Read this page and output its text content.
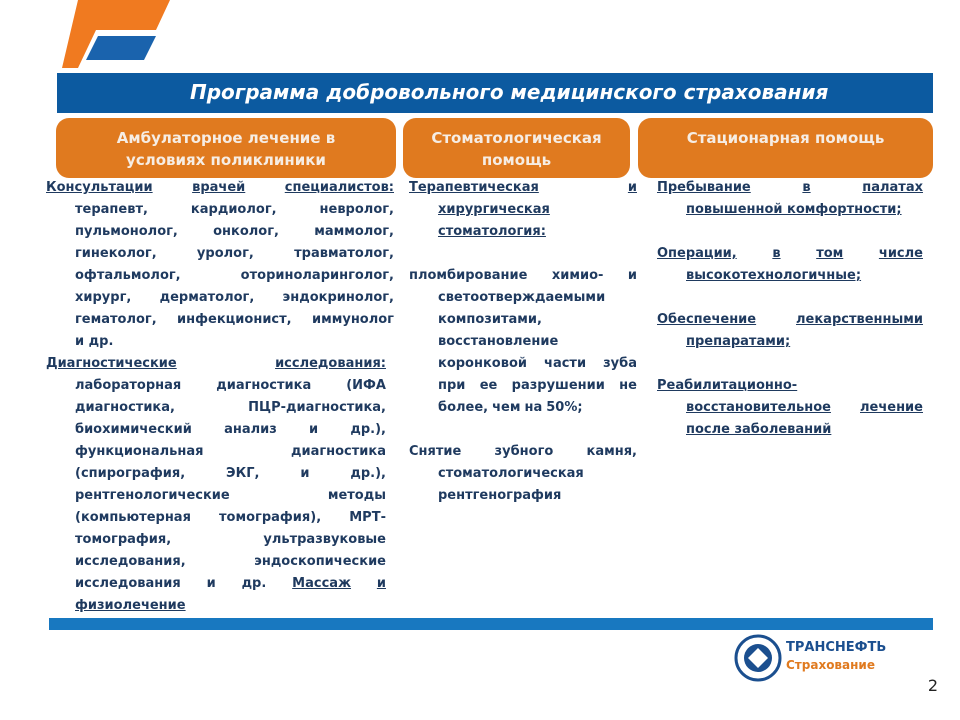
Программа добровольного медицинского страхования
Амбулаторное лечение в
условиях поликлиники
Стоматологическая
помощь
Стационарная помощь
Консультации	врачей	специалистов:
терапевт,	кардиолог,	невролог,
пульмонолог,	онколог,	маммолог,
гинеколог,	уролог,	травматолог,
офтальмолог,	оториноларинголог,
хирург, дерматолог, эндокринолог,
гематолог, инфекционист, иммунолог
и др.
Диагностические	исследования:
лабораторная	диагностика	(ИФА
диагностика,	ПЦР-диагностика,
биохимический анализ и др.),
функциональная	диагностика
(спирография,	ЭКГ,	и	др.),
рентгенологические	методы
(компьютерная томография), МРТ-
томография,	ультразвуковые
исследования,	эндоскопические
исследования и др. Массаж и
физиолечение
Терапевтическая	и
хирургическая
стоматология:
пломбирование химио- и
светоотверждаемыми
композитами,
восстановление
коронковой части зуба
при ее разрушении не
более, чем на 50%;
Снятие	зубного	камня,
стоматологическая
рентгенография
Пребывание	в	палатах
повышенной комфортности;
Операции,	в	том	числе
высокотехнологичные;
Обеспечение	лекарственными
препаратами;
Реабилитационно-
восстановительное лечение
после заболеваний
ТРАНСНЕФТЬ
Страхование
2
